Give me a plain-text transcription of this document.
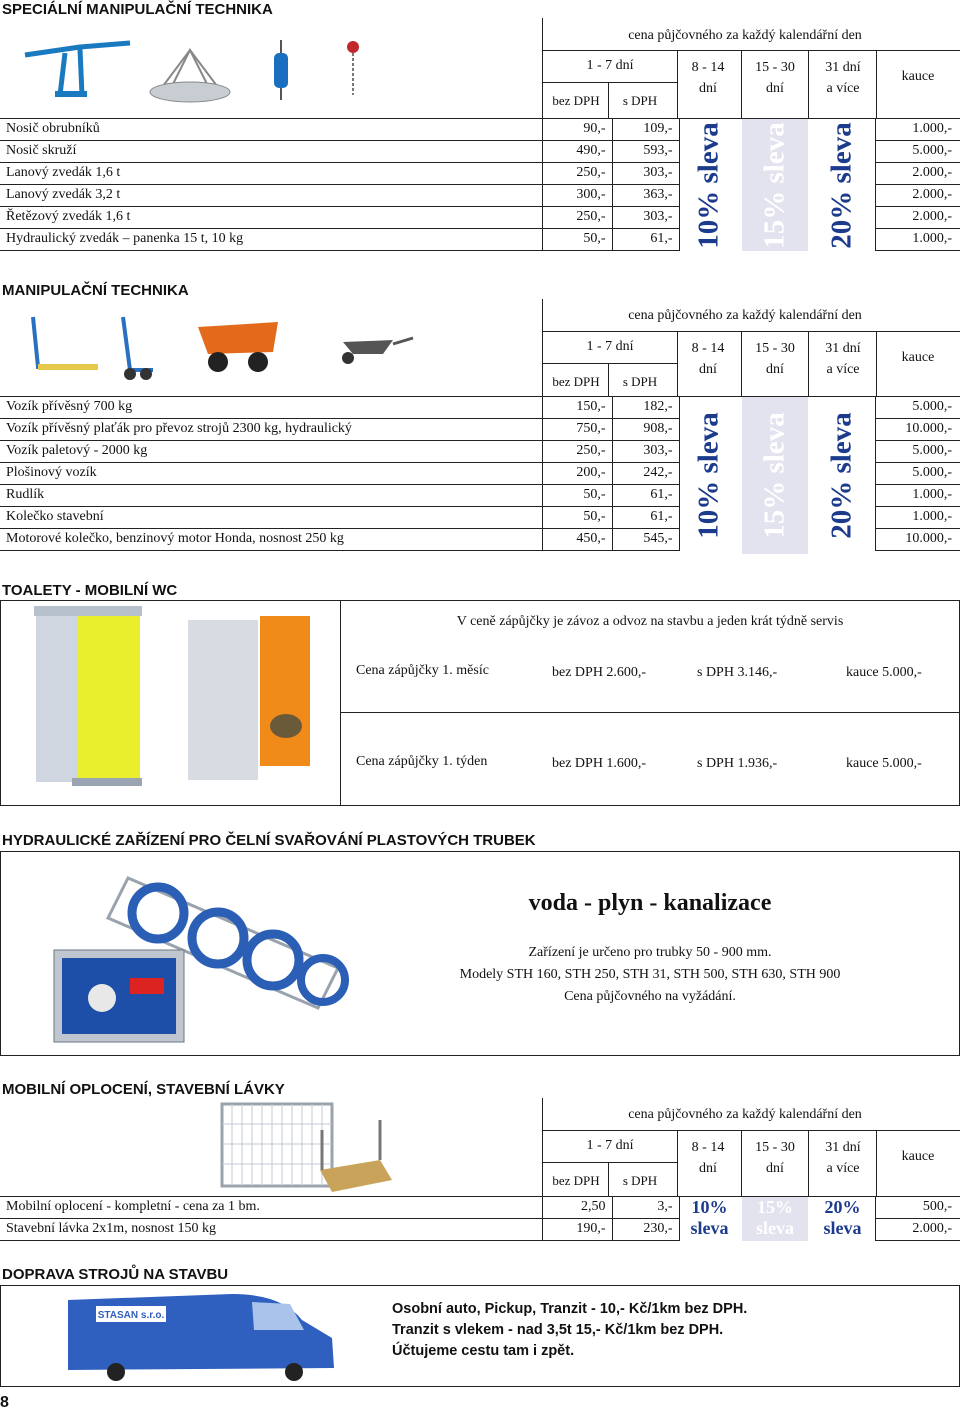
SPECIÁLNÍ MANIPULAČNÍ TECHNIKA
cena půjčovného za každý kalendářní den
1 - 7 dní
bez DPH	s DPH
8 - 14
dní
15 - 30
dní
31 dní
a více
kauce
Nosič obrubníků	90,-	109,-				1.000,-
Nosič skruží	490,-	593,-				5.000,-
Lanový zvedák 1,6 t	250,-	303,-				2.000,-
Lanový zvedák 3,2 t	300,-	363,-				2.000,-
Řetězový zvedák 1,6 t	250,-	303,-				2.000,-
Hydraulický zvedák – panenka 15 t, 10 kg	50,-	61,-				1.000,-
10% sleva 15% sleva 20% sleva
MANIPULAČNÍ TECHNIKA
cena půjčovného za každý kalendářní den
1 - 7 dní
bez DPH	s DPH
8 - 14
dní
15 - 30
dní
31 dní
a více
kauce
Vozík přívěsný 700 kg	150,-	182,-				5.000,-
Vozík přívěsný plaťák pro převoz strojů 2300 kg, hydraulický	750,-	908,-				10.000,-
Vozík paletový - 2000 kg	250,-	303,-				5.000,-
Plošinový vozík	200,-	242,-				5.000,-
Rudlík	50,-	61,-				1.000,-
Kolečko stavební	50,-	61,-				1.000,-
Motorové kolečko, benzinový motor Honda, nosnost 250 kg	450,-	545,-				10.000,-
10% sleva 15% sleva 20% sleva
TOALETY - MOBILNÍ WC
V ceně zápůjčky je závoz a odvoz na stavbu a jeden krát týdně servis
Cena zápůjčky 1. měsíc	bez DPH 2.600,-	s DPH 3.146,-	kauce 5.000,-
Cena zápůjčky 1. týden	bez DPH 1.600,-	s DPH 1.936,-	kauce 5.000,-
HYDRAULICKÉ ZAŘÍZENÍ PRO ČELNÍ SVAŘOVÁNÍ PLASTOVÝCH TRUBEK
voda - plyn - kanalizace
Zařízení je určeno pro trubky 50 - 900 mm.
Modely STH 160, STH 250, STH 31, STH 500, STH 630, STH 900
Cena půjčovného na vyžádání.
MOBILNÍ OPLOCENÍ, STAVEBNÍ LÁVKY
cena půjčovného za každý kalendářní den
1 - 7 dní
bez DPH	s DPH
8 - 14
dní
15 - 30
dní
31 dní
a více
kauce
Mobilní oplocení - kompletní - cena za 1 bm.	2,50	3,-				500,-
Stavební lávka 2x1m, nosnost 150 kg	190,-	230,-				2.000,-
10%
sleva
15%
sleva
20%
sleva
DOPRAVA STROJŮ NA STAVBU
STASAN s.r.o.	Osobní auto, Pickup, Tranzit - 10,- Kč/1km bez DPH.
Tranzit s vlekem - nad 3,5t 15,- Kč/1km bez DPH.
Účtujeme cestu tam i zpět.
8
